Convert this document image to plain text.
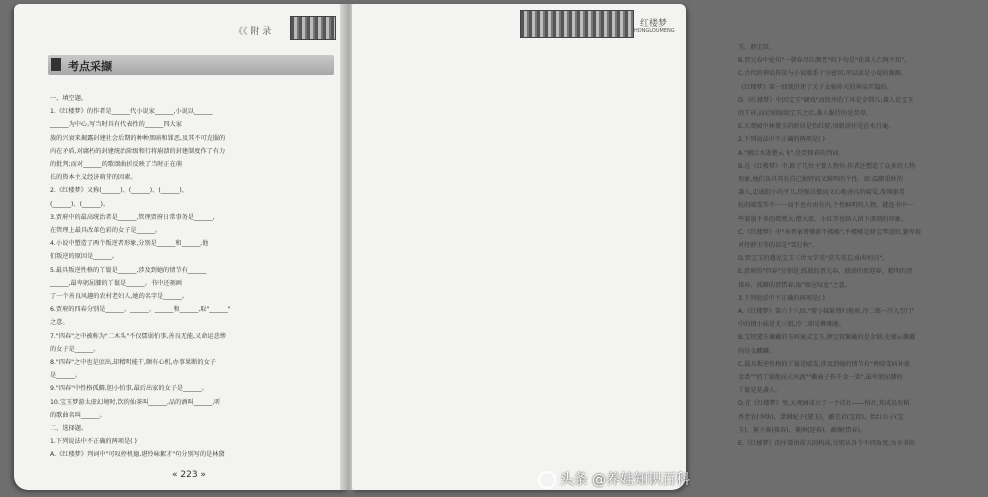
《《 附 录
考点采撷
一、填空题。
1.《红楼梦》的作者是______代小说家______,小说以______
______为中心,写当时具有代表性的______四大家
族的兴衰来揭露封建社会后期的种种黑暗和罪恶,及其不可克服的
内在矛盾,对腐朽的封建统治阶级和行将崩溃的封建制度作了有力
的批判;而对______的歌颂曲折反映了当时正在萌
长的资本主义经济萌芽的因素。
2.《红楼梦》又称(______)、(______)、(______)、
(______)、(______)。
3.贾府中的最高统治者是______,管理贾府日常事务是______,
在管理上最具改革色彩的女子是______。
4.小说中塑造了两个叛逆者形象,分别是______和______,他
们叛逆的原因是______。
5.最具叛逆性格的丫鬟是______,涉及到她的情节有______
______,最卑躬屈膝的丫鬟是______。书中还刻画
了一个善良风趣的农村老妇人,她的名字是______。
6.贾府的四春分别是______、______、______和______,取"______"
之意。
7."四春"之中被称为"二木头"不仅懦弱怕事,善良无能,又命运悲惨
的女子是______。
8."四春"之中也是庶出,却精明能干,颇有心机,办事果断的女子
是______。
9."四春"中性格孤僻,胆小怕事,最后出家的女子是______。
10.宝玉梦游太虚幻境时,饮的仙茶叫______,品的酒叫______,听
的歌曲名叫______。
二、选择题。
1.下列说法中不正确的两项是( )
A.《红楼梦》判词中"可叹停机德,堪怜咏絮才"句分别写的是林黛
« 223 »
红楼梦
HONGLOUMENG
玉、薛宝钗。
B.贾元春中论句"一朝春尽红颜老"的下句是"花落人亡两不知"。
C.古代的神话传说与小说联系十分密切,可以说是小说的源源。
《红楼梦》第一回就讲述了关于女娲补天的神话开篇的。
D.《红楼梦》中因宝玉"调戏"而投井的丫环是金钏儿;袭人是宝玉
的丫环,而后则嫁给宝玉之后,袭人服侍的是贾母。
E.大观园中林黛玉的阶居是怡红院,凤姐居住是在水月庵。
2.下列说法中不正确的两项是( )
A."湘江水逝楚云飞",是贾探春的判词。
B.在《红楼梦》中,除了几位主要人物外,作者还塑造了众多的人物
形象,他们各具其有自己独特而又鲜明的个性。如:温顺重秋的
袭人,忠诚胆小的平儿,恃强自傲而又心地善良的晴雯,泼辣狠毒
抗的晴雯等不一一而不也有由有内,个性鲜明的人物。就连书中一
些着墨不多的鸳鸯大,僧大妞、小红等也给人留下深刻的印象。
C.《红楼梦》中"米香案香懂新不楼楼",不楼楼是薛宝琴送的,兼卑视
对待薛玉等的话是"雪打秋"。
D.贾宝玉的遇见宝玉三世文字是"莫失莫忘,仙寿恒昌"。
E.贾府的"四春"分别是:孤独的贾元春、儒弱的贾迎春、精明的贾
探春、孤僻的贾惜春,取"原应叹息"之意。
3.下列说法中不正确的两项是( )
A.《红楼梦》第六十八回,"情小妹耻情归地府,冷二郎一冷入空门"
中的情小妹是尤三姐,冷二郎是柳湘莲。
B.宝钗黛玉佩戴的玉叫通灵宝玉,薛宝钗佩戴的是金锁,史湘云佩戴
的是金麒麟。
C.最具叛逆性格的丫鬟是晴雯,涉及到她的情节有"勇晴雯病补雀
金裘""俏丫鬟抱屈夭风流""撕扇子作千金一笑",最卑躬屈膝的
丫鬟是花袭人。
D.在《红楼梦》里,大观园成立了一个诗社——柏社,其成员有稻
香老农(李纨)、潇湘妃子(黛玉)、蘅芜君(宝钗)、怡红公子(宝
玉)、蕉下客(探春)、菱洲(迎春)、藕榭(惜春)。
E.《红楼梦》的序幕由前五回构成,分别从各个不同角度,为全书的
头条 @养娃知识百科
